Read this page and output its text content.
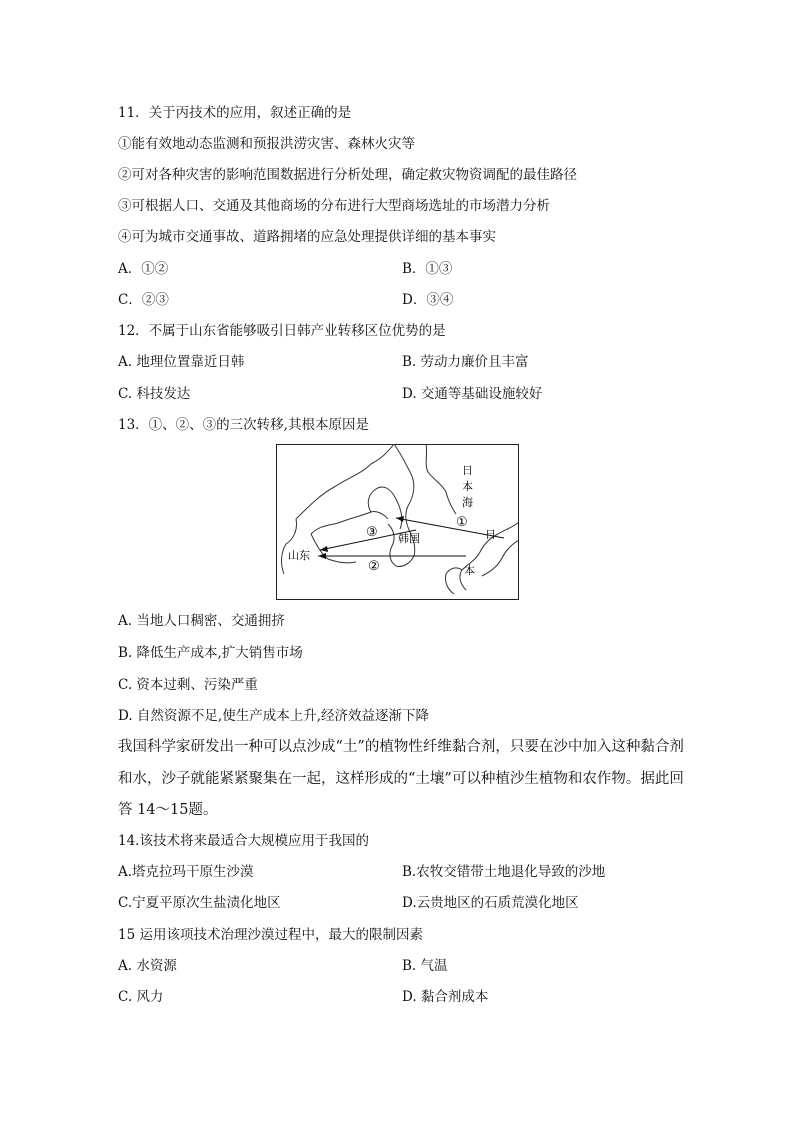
11．关于丙技术的应用，叙述正确的是
①能有效地动态监测和预报洪涝灾害、森林火灾等
②可对各种灾害的影响范围数据进行分析处理，确定救灾物资调配的最佳路径
③可根据人口、交通及其他商场的分布进行大型商场选址的市场潜力分析
④可为城市交通事故、道路拥堵的应急处理提供详细的基本事实
A．①②	B．①③
C．②③	D．③④
12．不属于山东省能够吸引日韩产业转移区位优势的是
A. 地理位置靠近日韩	B. 劳动力廉价且丰富
C. 科技发达	D. 交通等基础设施较好
13．①、②、③的三次转移,其根本原因是
日
本
海
山东
韩国	日
本
①
②
③
A. 当地人口稠密、交通拥挤
B. 降低生产成本,扩大销售市场
C. 资本过剩、污染严重
D. 自然资源不足,使生产成本上升,经济效益逐渐下降
我国科学家研发出一种可以点沙成“土”的植物性纤维黏合剂，只要在沙中加入这种黏合剂
和水，沙子就能紧紧聚集在一起，这样形成的“土壤”可以种植沙生植物和农作物。据此回
答 14～15题。
14.该技术将来最适合大规模应用于我国的
A.塔克拉玛干原生沙漠	B.农牧交错带土地退化导致的沙地
C.宁夏平原次生盐渍化地区	D.云贵地区的石质荒漠化地区
15 运用该项技术治理沙漠过程中，最大的限制因素
A. 水资源	B. 气温
C. 风力	D. 黏合剂成本
